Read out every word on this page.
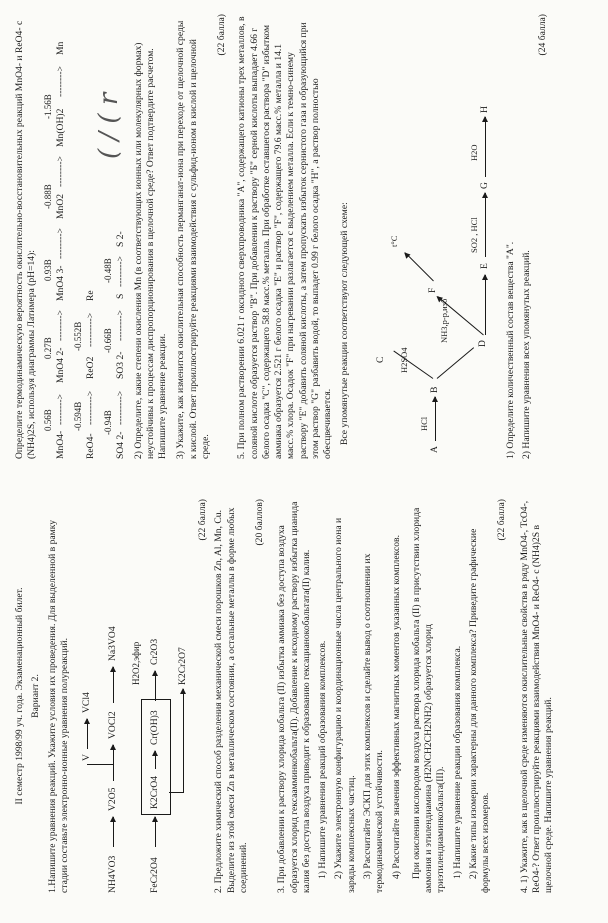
II семестр 1998/99 уч. года. Экзаменационный билет. Вариант 2. 1.Напишите уравнения реакций. Укажите условия их проведения. Для выделенной в рамку стадии составьте электронно-ионные уравнения полуреакций.	NH4VO3
V2O5
VOCl2
Na3VO4
V
VCl4
FeCr2O4
K2CrO4
Cr(OH)3
Cr2O3 K2Cr2O7
H2O2,эфир

(22 балла) 2. Предложите химический способ разделения механической смеси порошков Zn, Al, Mn, Cu. Выделите из этой смеси Zn в металлическом состоянии, а остальные металлы в форме любых соединений.

(20 баллов)

3. При добавлении к раствору хлорида кобальта (II) избытка аммиака без доступа воздуха образуется хлорид гексаамминкобальта(II). Добавление к исходному раствору избытка цианида калия без доступа воздуха приводит к образованию гексацианокобальтата(II) калия. 1) Напишите уравнения реакций образования комплексов. 2) Укажите электронную конфигурацию и координационные числа центрального иона и заряды комплексных частиц. 3) Рассчитайте ЭСКП для этих комплексов и сделайте вывод о соотношении их термодинамической устойчивости. 4) Рассчитайте значения эффективных магнитных моментов указанных комплексов. При окислении кислородом воздуха раствора хлорида кобальта (II) в присутствии хлорида аммония и этилендиамина (H2NCH2CH2NH2) образуется хлорид триэтилендиаминкобальта(III). 1) Напишите уравнение реакции образования комплекса. 2) Какие типы изомерии характерны для данного комплекса? Приведите графические формулы всех изомеров.

(22 балла) 4. 1) Укажите, как в щелочной среде изменяются окислительные свойства в ряду MnO4-, TcO4-, ReO4-? Ответ проиллюстрируйте реакциями взаимодействия MnO4- и ReO4- с (NH4)2S в щелочной среде. Напишите уравнения реакций.

Определите термодинамическую вероятность окислительно-восстановительных реакций MnO4- и ReO4- с (NH4)2S, используя диаграммы Латимера (pH=14): 0.56В
0.27В
0.93В
-0.88В
-1.56В
MnO4-
-------->
MnO4 2-
-------->
MnO4 3-
-------->
MnO2
-------->
Mn(OH)2
-------->
Mn
-0.594В
-0.552В
ReO4-
--------->
ReO2
--------->
Re
-0.94В
-0.66В
-0.48В
SO4 2-
--------->
SO3 2-
-------->
S
-------->
S 2-
( / ( r 2) Определите, какие степени окисления Mn (в соответствующих ионных или молекулярных формах) неустойчивы к процессам диспропорционирования в щелочной среде? Ответ подтвердите расчетом. Напишите уравнение реакции. 3) Укажите, как изменится окислительная способность перманганат-иона при переходе от щелочной среды к кислой. Ответ проиллюстрируйте реакциями взаимодействия с сульфид-ионом в кислой и щелочной среде.

(22 балла) 5. При полном растворении 6.021 г оксидного сверхпроводника "A", содержащего катионы трех металлов, в соляной кислоте образуется раствор "B". При добавлении к раствору "Б" серной кислоты выпадает 4.66 г белого осадка "C", содержащего 58.8 масс.% металла. При обработке оставшегося раствора "D" избытком аммиака образуется 2.521 г белого осадка "E" и раствор "F", содержащего 79.6 масс.% металла и 14.1 масс.% хлора. Осадок "F" при нагревании разлагается с выделением металла. Если к темно-синему раствору "E" добавить соляной кислоты, а затем пропускать избыток сернистого газа и образующийся при этом раствор "G" разбавить водой, то выпадет 0.99 г белого осадка "H", а раствор полностью обесцвечивается. Все упомянутые реакции соответствуют следующей схеме:

A
HCl
B
C H2SO4
D
NH3,р-р,изб
F
t°C
E
SO2 , HCl
G
H2O
H

1) Определите количественный состав вещества "A". 2) Напишите уравнения всех упомянутых реакций.

(24 балла)
